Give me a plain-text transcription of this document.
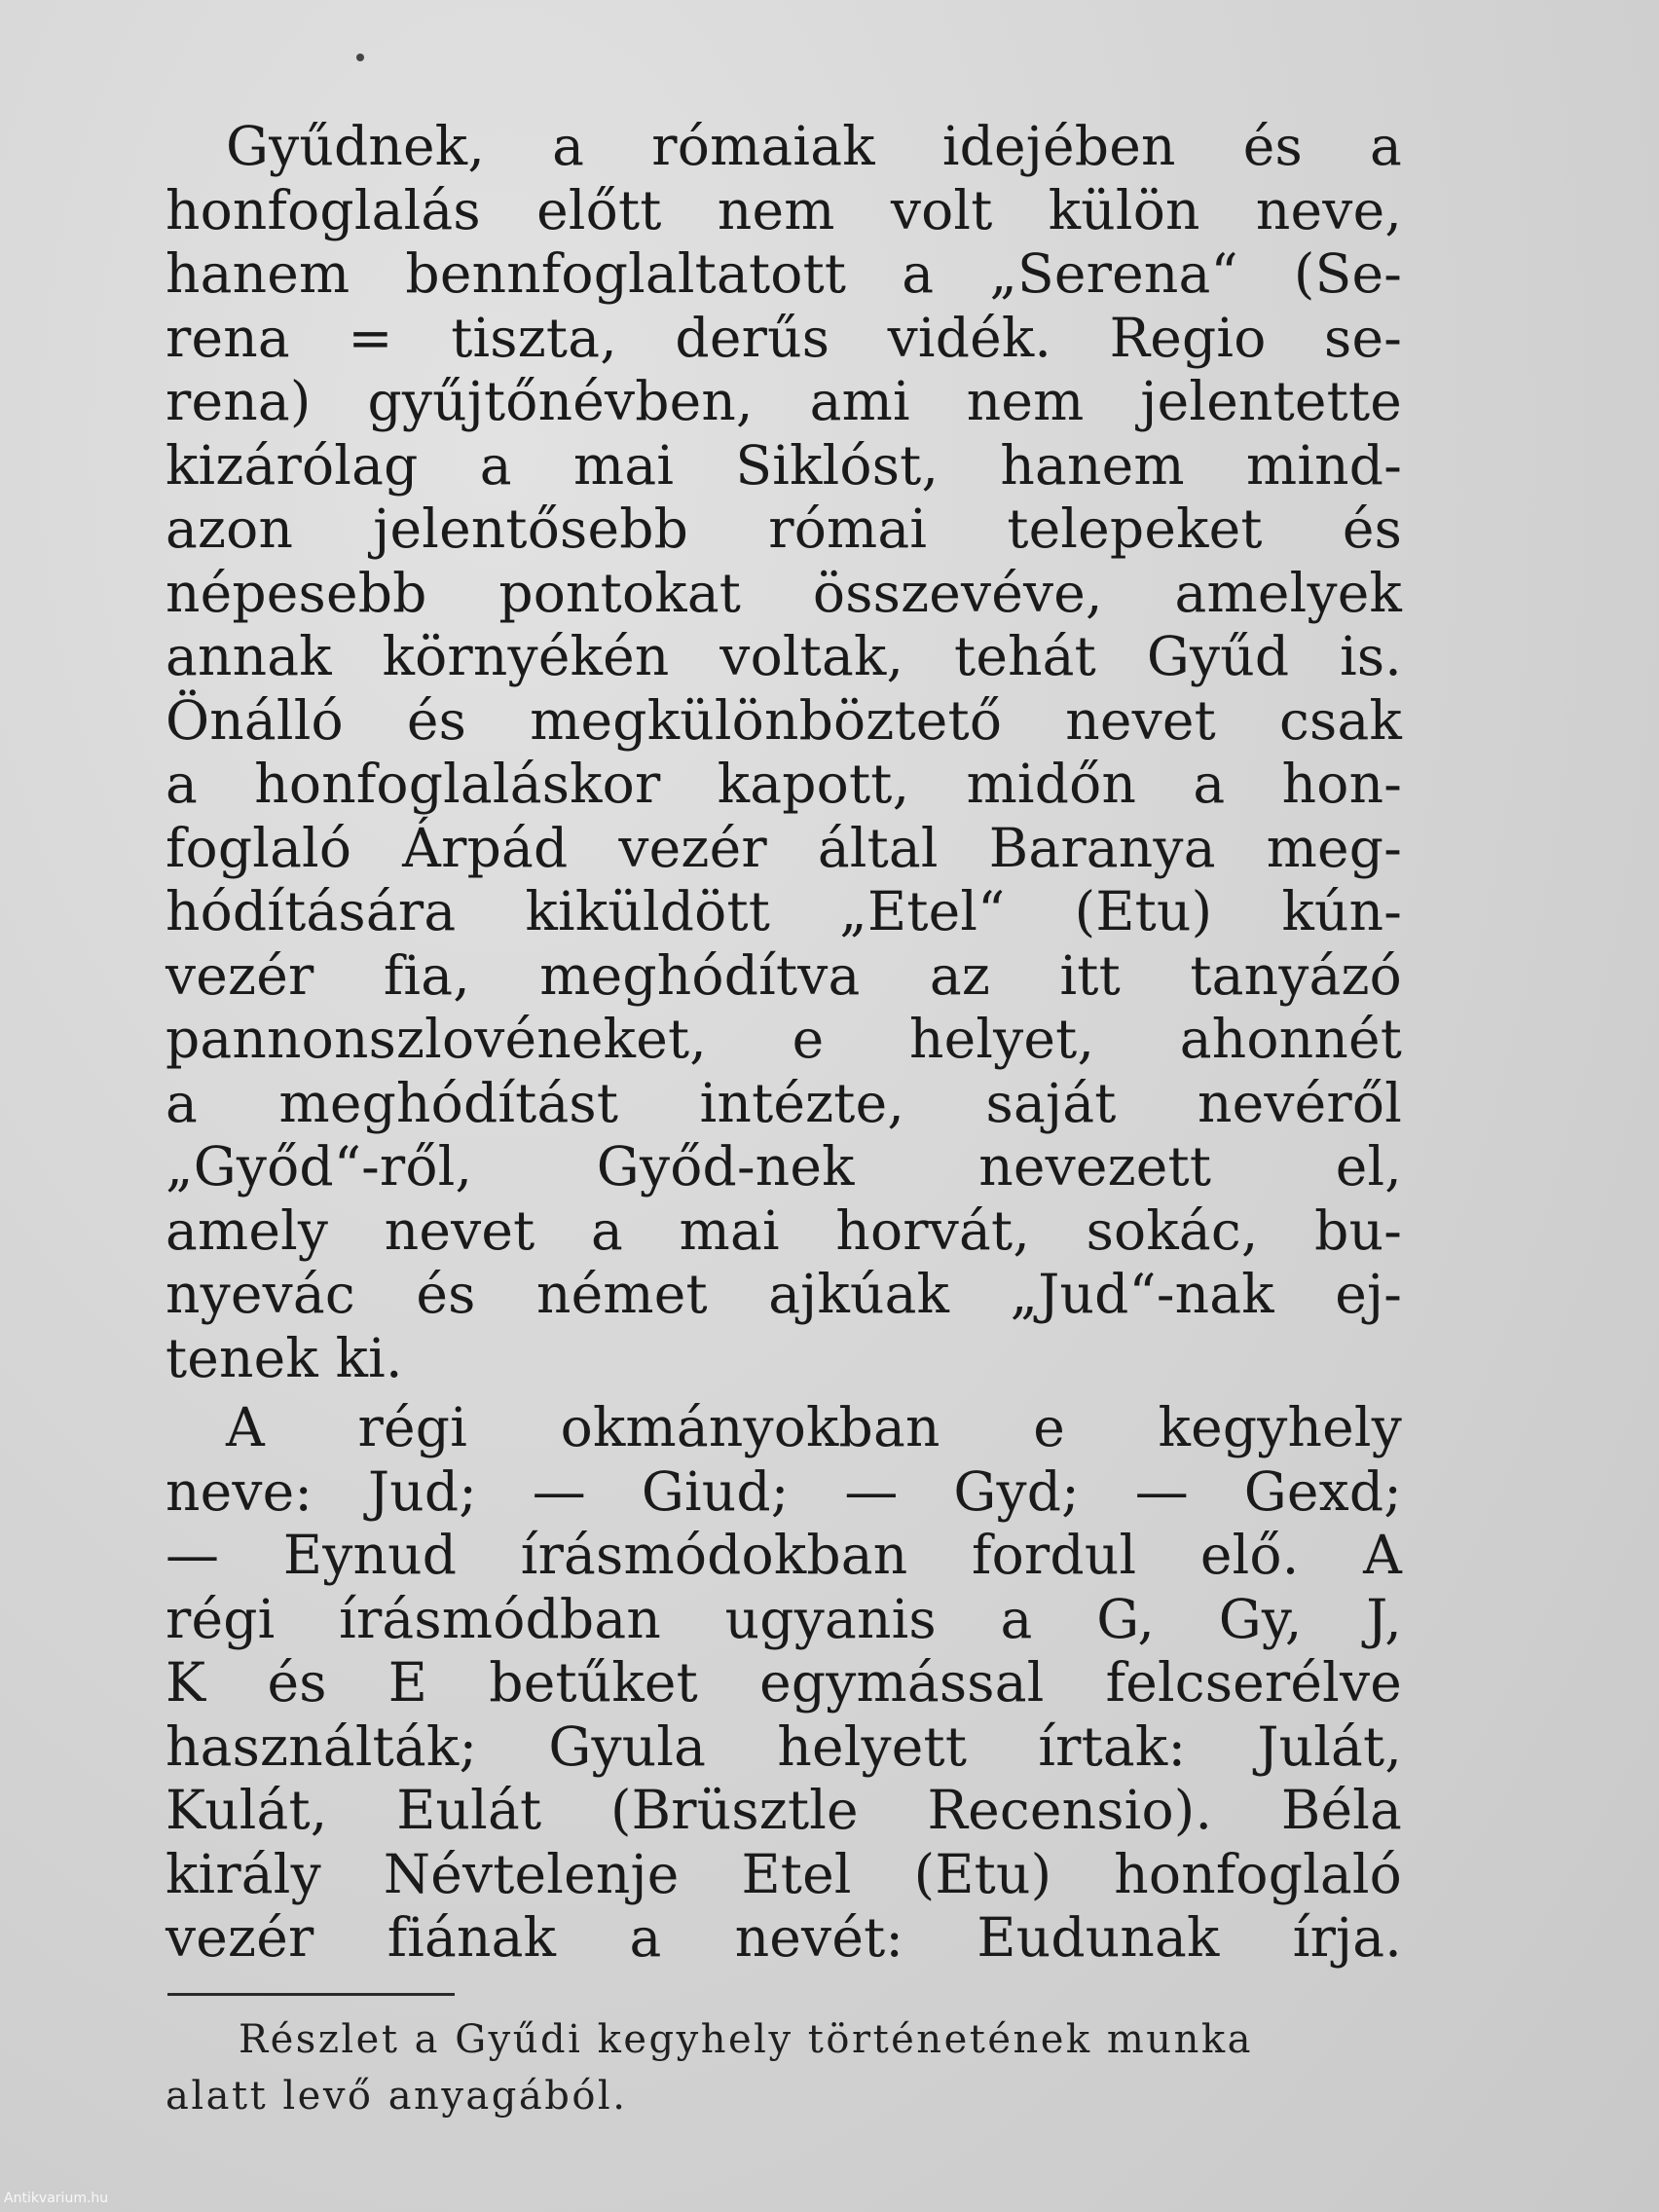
Gyűdnek, a rómaiak idejében és a
honfoglalás előtt nem volt külön neve,
hanem bennfoglaltatott a „Serena“ (Se-
rena = tiszta, derűs vidék. Regio se-
rena) gyűjtőnévben, ami nem jelentette
kizárólag a mai Siklóst, hanem mind-
azon jelentősebb római telepeket és
népesebb pontokat összevéve, amelyek
annak környékén voltak, tehát Gyűd is.
Önálló és megkülönböztető nevet csak
a honfoglaláskor kapott, midőn a hon-
foglaló Árpád vezér által Baranya meg-
hódítására kiküldött „Etel“ (Etu) kún-
vezér fia, meghódítva az itt tanyázó
pannonszlovéneket, e helyet, ahonnét
a meghódítást intézte, saját nevéről
„Győd“-ről, Győd-nek nevezett el,
amely nevet a mai horvát, sokác, bu-
nyevác és német ajkúak „Jud“-nak ej-
tenek ki.

A régi okmányokban e kegyhely
neve: Jud; — Giud; — Gyd; — Gexd;
— Eynud írásmódokban fordul elő. A
régi írásmódban ugyanis a G, Gy, J,
K és E betűket egymással felcserélve
használták; Gyula helyett írtak: Julát,
Kulát, Eulát (Brüsztle Recensio). Béla
király Névtelenje Etel (Etu) honfoglaló
vezér fiának a nevét: Eudunak írja.

Részlet a Gyűdi kegyhely történetének munka
alatt levő anyagából.
Antikvarium.hu
